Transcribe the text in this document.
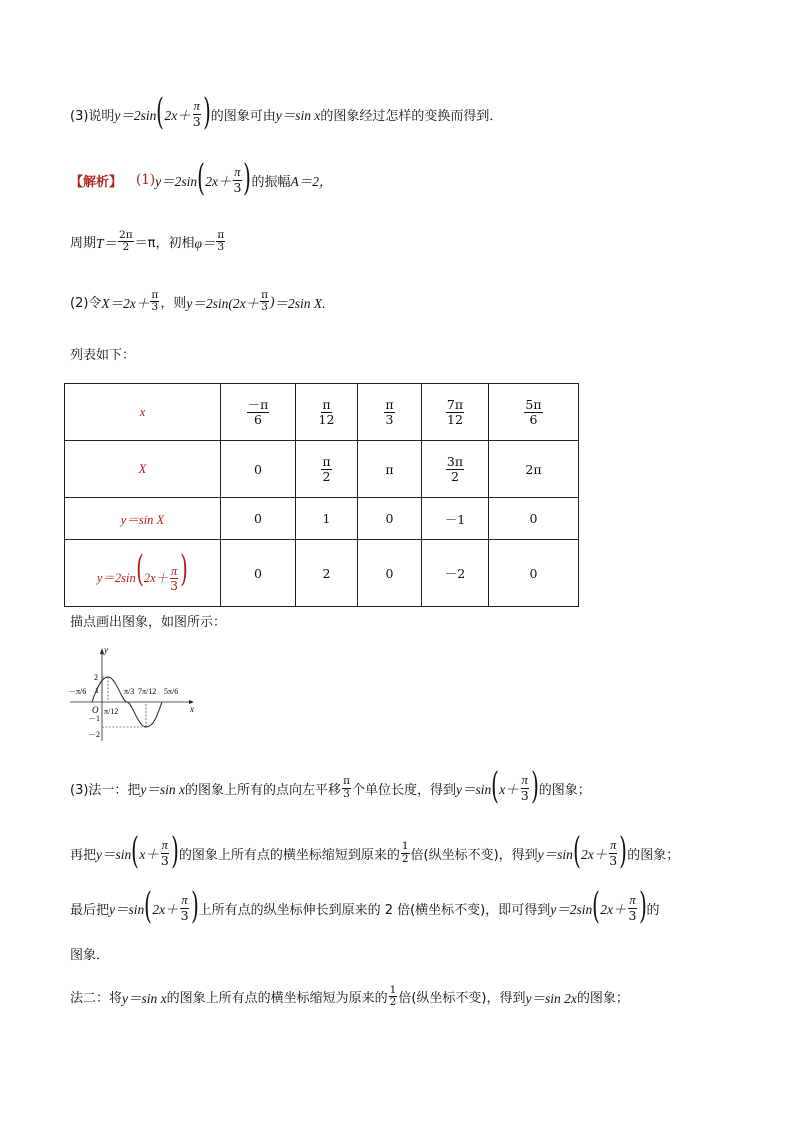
(3)说明 y＝2sin ( $2x+ \frac{\pi}{3}$ ) 的图象可由 y＝sin x 的图象经过怎样的变换而得到．
【解析】 (1) y＝2sin ( $2x+ \frac{\pi}{3}$ ) 的振幅 A＝2，
周期 $T= \frac{2\pi}{2} =\pi$，初相 $\varphi= \frac{\pi}{3}$
(2)令 $X=2x+ \frac{\pi}{3}$ ，则 $y=2\sin(2x+ \frac{\pi}{3}$ ) ＝2sin X.
列表如下：
x	$\frac{-\pi}{6}$	$\frac{\pi}{12}$	$\frac{\pi}{3}$	$\frac{7\pi}{12}$	$\frac{5\pi}{6}$

X	0	$\frac{\pi}{2}$	π	$\frac{3\pi}{2}$	2π
y＝sin X	0	1	0	－1	0
$y=2\sin(2x+ \frac{\pi}{3}$ )	0	2	0	－2	0
描点画出图象，如图所示：
y
x
O
2
1
－1
－2
－π/6
π/12
π/3 7π/12 5π/6
(3)法一：把 y＝sin x 的图象上所有的点向左平移 $\frac{\pi}{3}$ 个单位长度，得到 y＝sin ( $x+ \frac{\pi}{3}$ ) 的图象；
再把 y＝sin ( $x+ \frac{\pi}{3}$ ) 的图象上所有点的横坐标缩短到原来的 $\frac{1}{2}$ 倍(纵坐标不变)，得到 y＝sin ( $2x+ \frac{\pi}{3}$ ) 的图象；
最后把 y＝sin ( $2x+ \frac{\pi}{3}$ ) 上所有点的纵坐标伸长到原来的 2 倍(横坐标不变)，即可得到 y＝2sin ( $2x+ \frac{\pi}{3}$ ) 的
图象．
法二：将 y＝sin x 的图象上所有点的横坐标缩短为原来的 $\frac{1}{2}$ 倍(纵坐标不变)，得到 y＝sin 2x 的图象；
